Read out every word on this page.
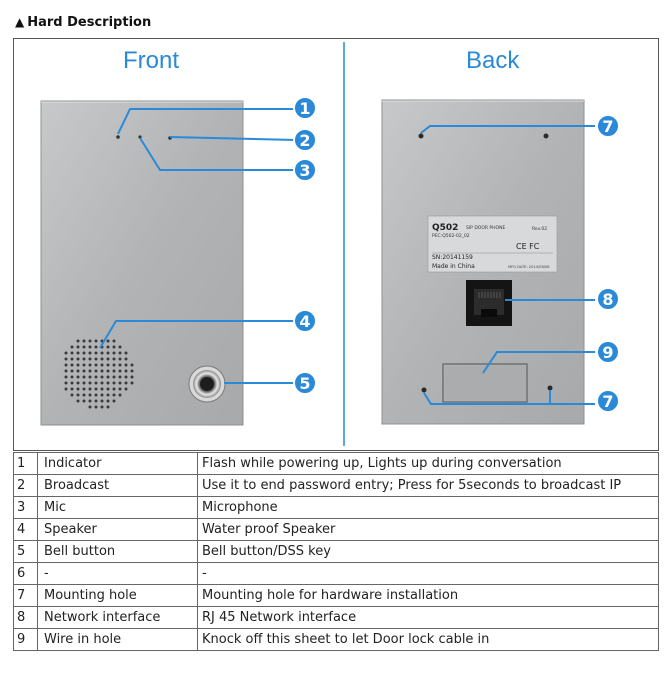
▲ Hard Description
Front	Back
Q502 SIP DOOR PHONE	Rev.02
PEC:Q502-02_02
CE FC
SN:20141159
Made in China	MFG DATE: 2014/08/08
1
2
3
4
5
7
8
9
7
1	Indicator	Flash while powering up, Lights up during conversation
2	Broadcast	Use it to end password entry; Press for 5seconds to broadcast IP
3	Mic	Microphone
4	Speaker	Water proof Speaker
5	Bell button	Bell button/DSS key
6	-	-
7	Mounting hole	Mounting hole for hardware installation
8	Network interface	RJ 45 Network interface
9	Wire in hole	Knock off this sheet to let Door lock cable in
